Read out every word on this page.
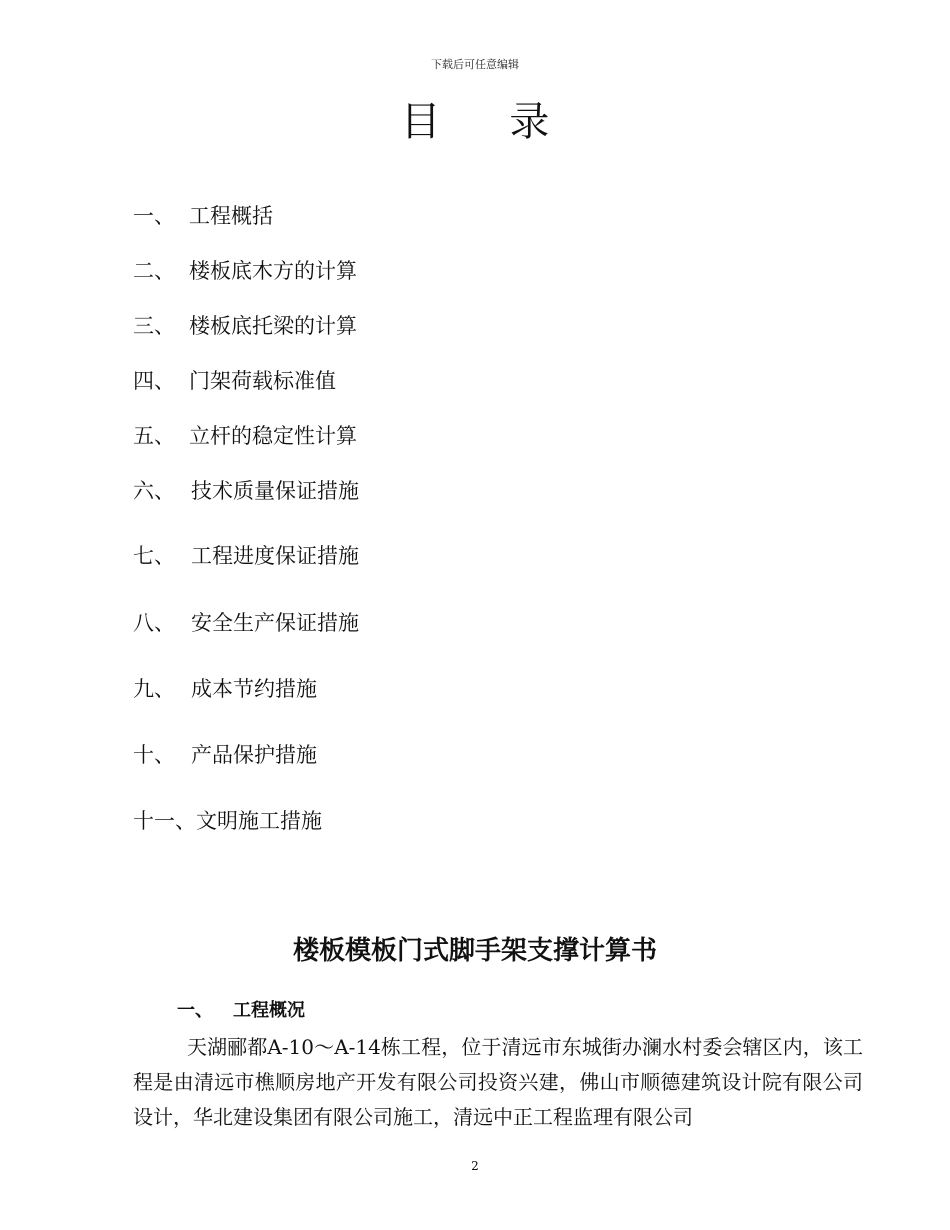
下载后可任意编辑
目 录
一、 工程概括
二、 楼板底木方的计算
三、 楼板底托梁的计算
四、 门架荷载标准值
五、 立杆的稳定性计算
六、 技术质量保证措施
七、 工程进度保证措施
八、 安全生产保证措施
九、 成本节约措施
十、 产品保护措施
十一、文明施工措施
楼板模板门式脚手架支撑计算书
一、 工程概况
天湖郦都A-10～A-14栋工程，位于清远市东城街办澜水村委会辖区内，该工程是由清远市樵顺房地产开发有限公司投资兴建，佛山市顺德建筑设计院有限公司设计，华北建设集团有限公司施工，清远中正工程监理有限公司
2
